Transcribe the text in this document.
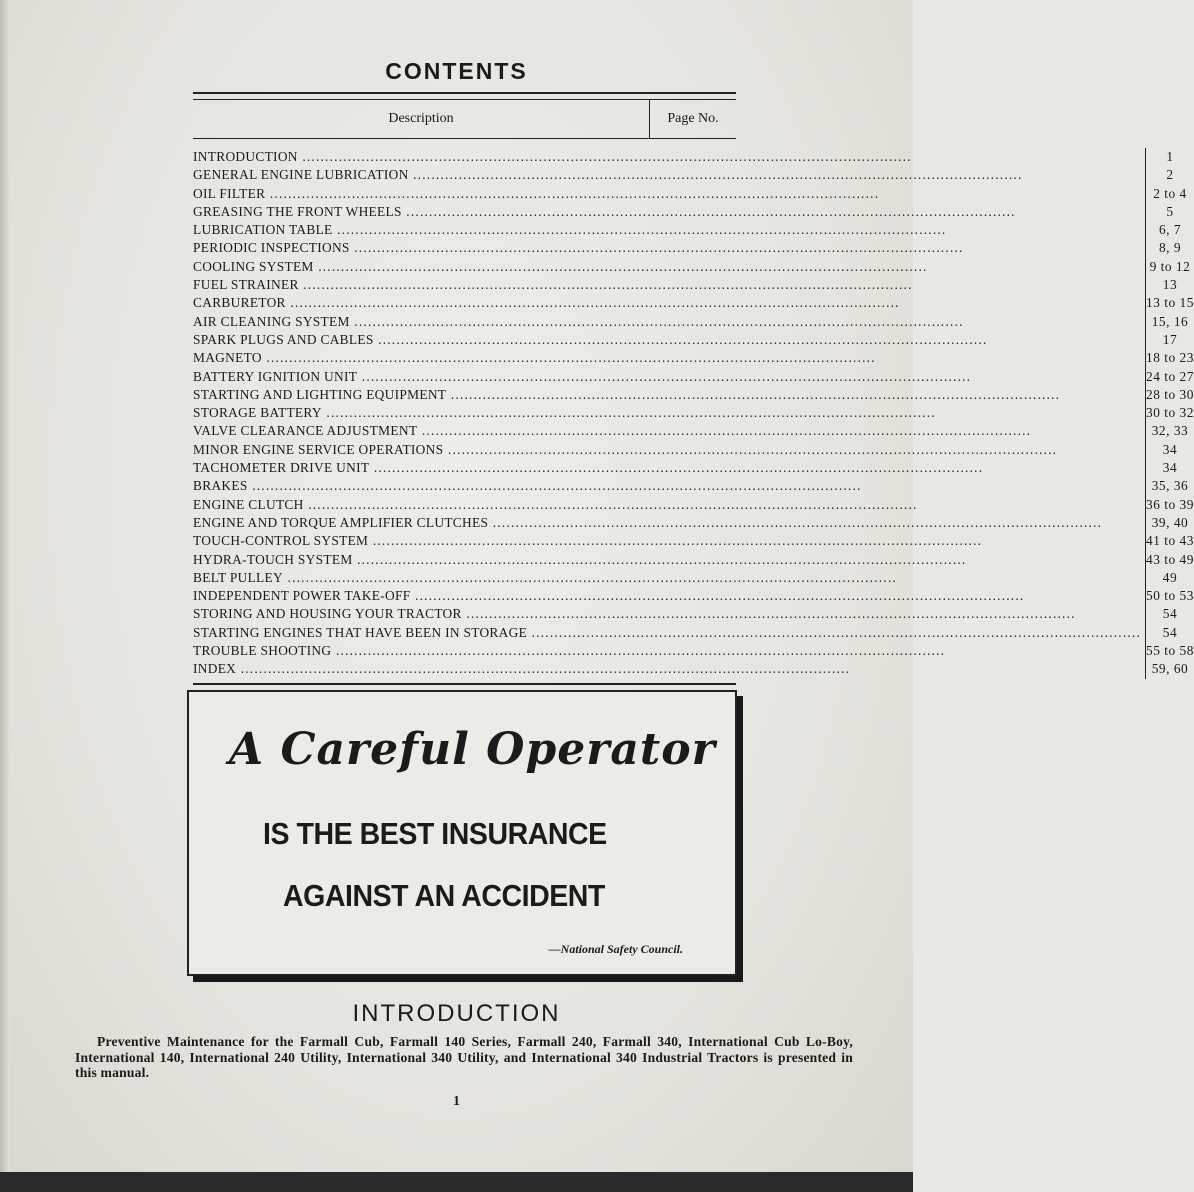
CONTENTS
Description	Page No.
INTRODUCTION .....
GENERAL ENGINE LUBRICATION .....
OIL FILTER .....
GREASING THE FRONT WHEELS .....
LUBRICATION TABLE .....
PERIODIC INSPECTIONS .....
COOLING SYSTEM .....
FUEL STRAINER .....
CARBURETOR .....
AIR CLEANING SYSTEM .....
SPARK PLUGS AND CABLES .....
MAGNETO .....
BATTERY IGNITION UNIT .....
STARTING AND LIGHTING EQUIPMENT .....
STORAGE BATTERY .....
VALVE CLEARANCE ADJUSTMENT .....
MINOR ENGINE SERVICE OPERATIONS .....
TACHOMETER DRIVE UNIT .....
BRAKES .....
ENGINE CLUTCH .....
ENGINE AND TORQUE AMPLIFIER CLUTCHES .....
TOUCH-CONTROL SYSTEM .....
HYDRA-TOUCH SYSTEM .....
BELT PULLEY .....
INDEPENDENT POWER TAKE-OFF .....
STORING AND HOUSING YOUR TRACTOR .....
STARTING ENGINES THAT HAVE BEEN IN STORAGE .....
TROUBLE SHOOTING .....
INDEX .....
1
2
2 to 4
5
6, 7
8, 9
9 to 12
13
13 to 15
15, 16
17
18 to 23
24 to 27
28 to 30
30 to 32
32, 33
34
34
35, 36
36 to 39
39, 40
41 to 43
43 to 49
49
50 to 53
54
54
55 to 58
59, 60
A Careful Operator
IS THE BEST INSURANCE
AGAINST AN ACCIDENT
—National Safety Council.
INTRODUCTION
Preventive Maintenance for the Farmall Cub, Farmall 140 Series, Farmall 240, Farmall 340, International Cub Lo-Boy, International 140, International 240 Utility, International 340 Utility, and International 340 Industrial Tractors is presented in this manual.
1
